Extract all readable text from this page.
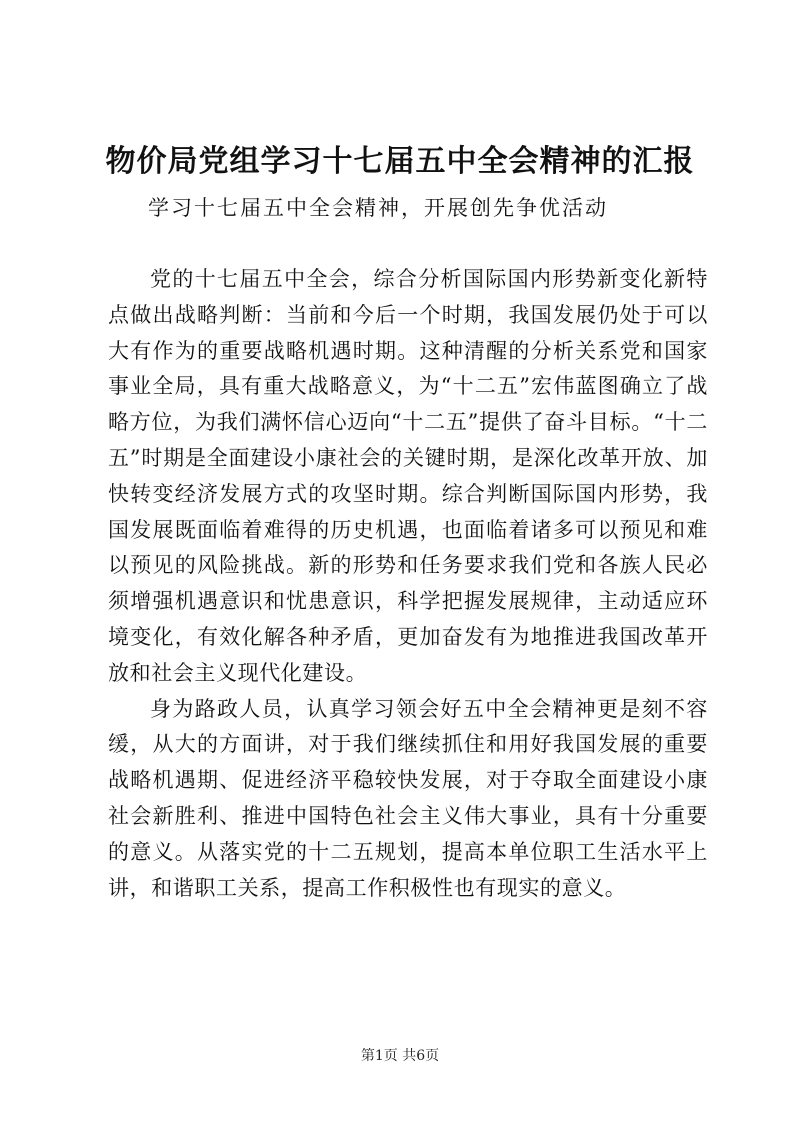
物价局党组学习十七届五中全会精神的汇报
学习十七届五中全会精神，开展创先争优活动

党的十七届五中全会，综合分析国际国内形势新变化新特点做出战略判断：当前和今后一个时期，我国发展仍处于可以大有作为的重要战略机遇时期。这种清醒的分析关系党和国家事业全局，具有重大战略意义，为“十二五”宏伟蓝图确立了战略方位，为我们满怀信心迈向“十二五”提供了奋斗目标。“十二五”时期是全面建设小康社会的关键时期，是深化改革开放、加快转变经济发展方式的攻坚时期。综合判断国际国内形势，我国发展既面临着难得的历史机遇，也面临着诸多可以预见和难以预见的风险挑战。新的形势和任务要求我们党和各族人民必须增强机遇意识和忧患意识，科学把握发展规律，主动适应环境变化，有效化解各种矛盾，更加奋发有为地推进我国改革开放和社会主义现代化建设。

身为路政人员，认真学习领会好五中全会精神更是刻不容缓，从大的方面讲，对于我们继续抓住和用好我国发展的重要战略机遇期、促进经济平稳较快发展，对于夺取全面建设小康社会新胜利、推进中国特色社会主义伟大事业，具有十分重要的意义。从落实党的十二五规划，提高本单位职工生活水平上讲，和谐职工关系，提高工作积极性也有现实的意义。

第1页 共6页
